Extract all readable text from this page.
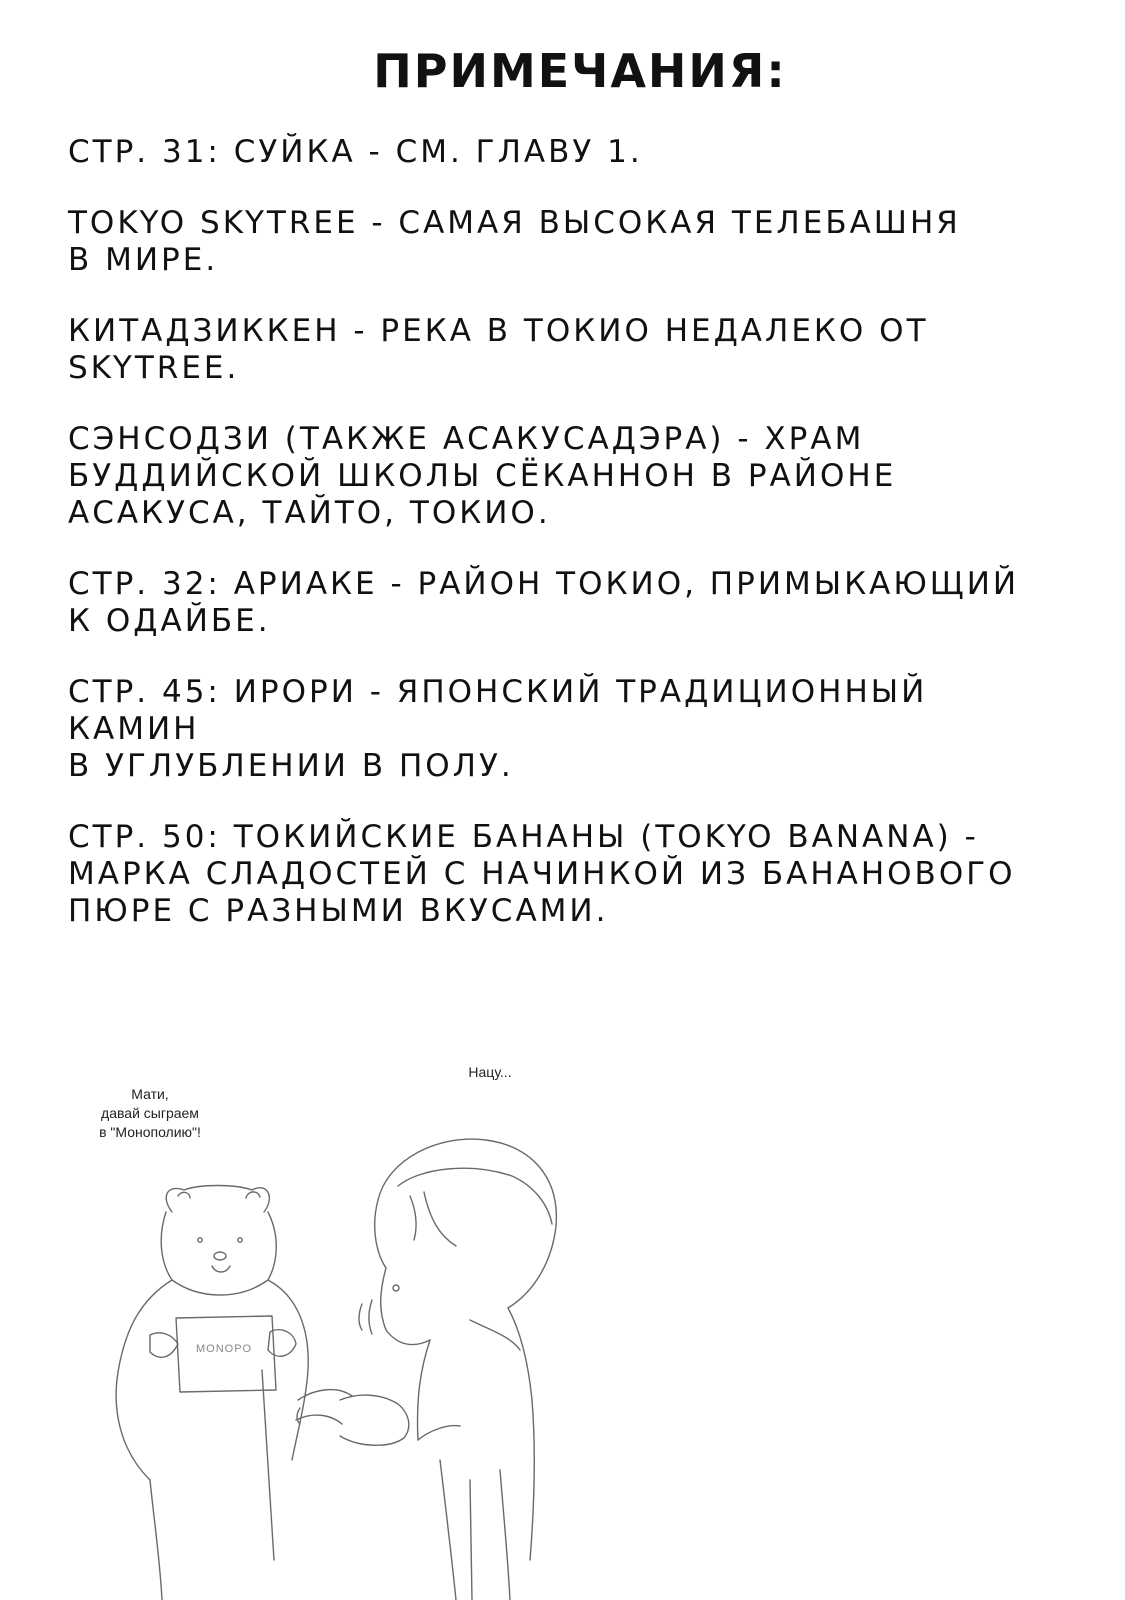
ПРИМЕЧАНИЯ:
СТР. 31: СУЙКА - СМ. ГЛАВУ 1.
TOKYO SKYTREE - САМАЯ ВЫСОКАЯ ТЕЛЕБАШНЯ
В МИРЕ.
КИТАДЗИККЕН - РЕКА В ТОКИО НЕДАЛЕКО ОТ
SKYTREE.
СЭНСОДЗИ (ТАКЖЕ АСАКУСАДЭРА) - ХРАМ
БУДДИЙСКОЙ ШКОЛЫ СЁКАННОН В РАЙОНЕ
АСАКУСА, ТАЙТО, ТОКИО.
СТР. 32: АРИАКЕ - РАЙОН ТОКИО, ПРИМЫКАЮЩИЙ
К ОДАЙБЕ.
СТР. 45: ИРОРИ - ЯПОНСКИЙ ТРАДИЦИОННЫЙ КАМИН
В УГЛУБЛЕНИИ В ПОЛУ.
СТР. 50: ТОКИЙСКИЕ БАНАНЫ (TOKYO BANANA) -
МАРКА СЛАДОСТЕЙ С НАЧИНКОЙ ИЗ БАНАНОВОГО
ПЮРЕ С РАЗНЫМИ ВКУСАМИ.
Мати,
давай сыграем
в "Монополию"!
Нацу...
MONOPO
